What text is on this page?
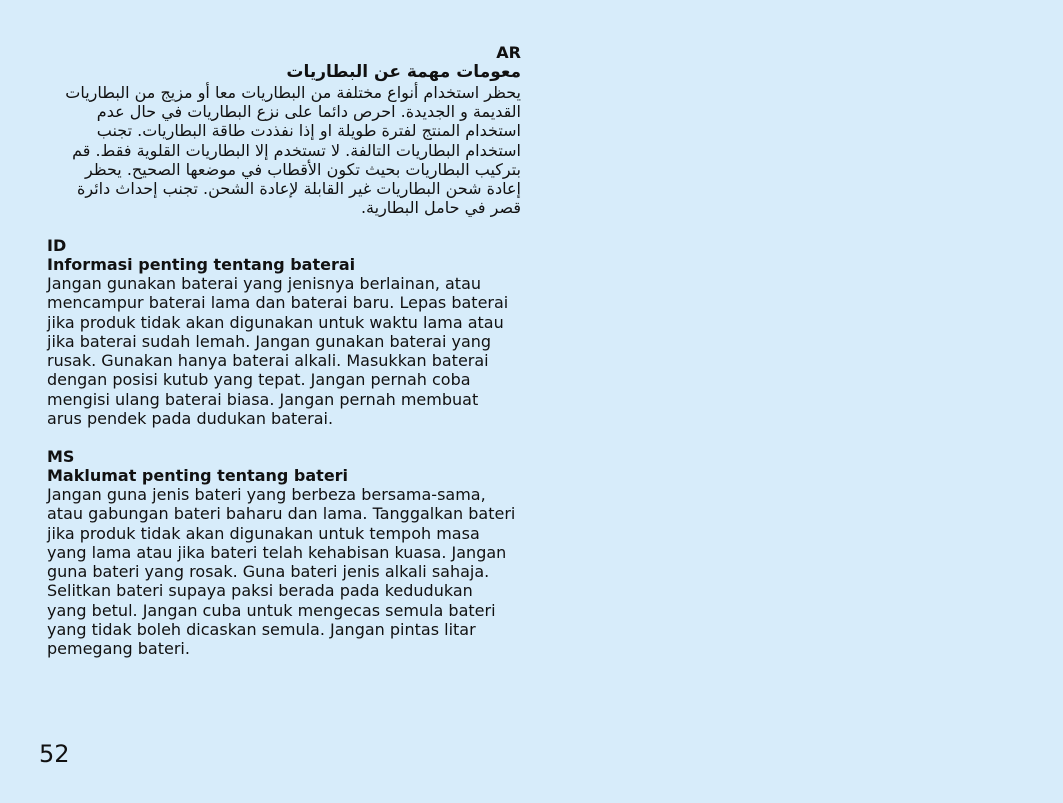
AR
معومات مهمة عن البطاريات
يحظر استخدام أنواع مختلفة من البطاريات معا أو مزيج من البطاريات
القديمة و الجديدة. احرص دائما على نزع البطاريات في حال عدم
استخدام المنتج لفترة طويلة او إذا نفذدت طاقة البطاريات. تجنب
استخدام البطاريات التالفة. لا تستخدم إلا البطاريات القلوية فقط. قم
بتركيب البطاريات بحيث تكون الأقطاب في موضعها الصحيح. يحظر
إعادة شحن البطاريات غير القابلة لإعادة الشحن. تجنب إحداث دائرة
قصر في حامل البطارية.
ID
Informasi penting tentang baterai
Jangan gunakan baterai yang jenisnya berlainan, atau
mencampur baterai lama dan baterai baru. Lepas baterai
jika produk tidak akan digunakan untuk waktu lama atau
jika baterai sudah lemah. Jangan gunakan baterai yang
rusak. Gunakan hanya baterai alkali. Masukkan baterai
dengan posisi kutub yang tepat. Jangan pernah coba
mengisi ulang baterai biasa. Jangan pernah membuat
arus pendek pada dudukan baterai.
MS
Maklumat penting tentang bateri
Jangan guna jenis bateri yang berbeza bersama-sama,
atau gabungan bateri baharu dan lama. Tanggalkan bateri
jika produk tidak akan digunakan untuk tempoh masa
yang lama atau jika bateri telah kehabisan kuasa. Jangan
guna bateri yang rosak. Guna bateri jenis alkali sahaja.
Selitkan bateri supaya paksi berada pada kedudukan
yang betul. Jangan cuba untuk mengecas semula bateri
yang tidak boleh dicaskan semula. Jangan pintas litar
pemegang bateri.
52
